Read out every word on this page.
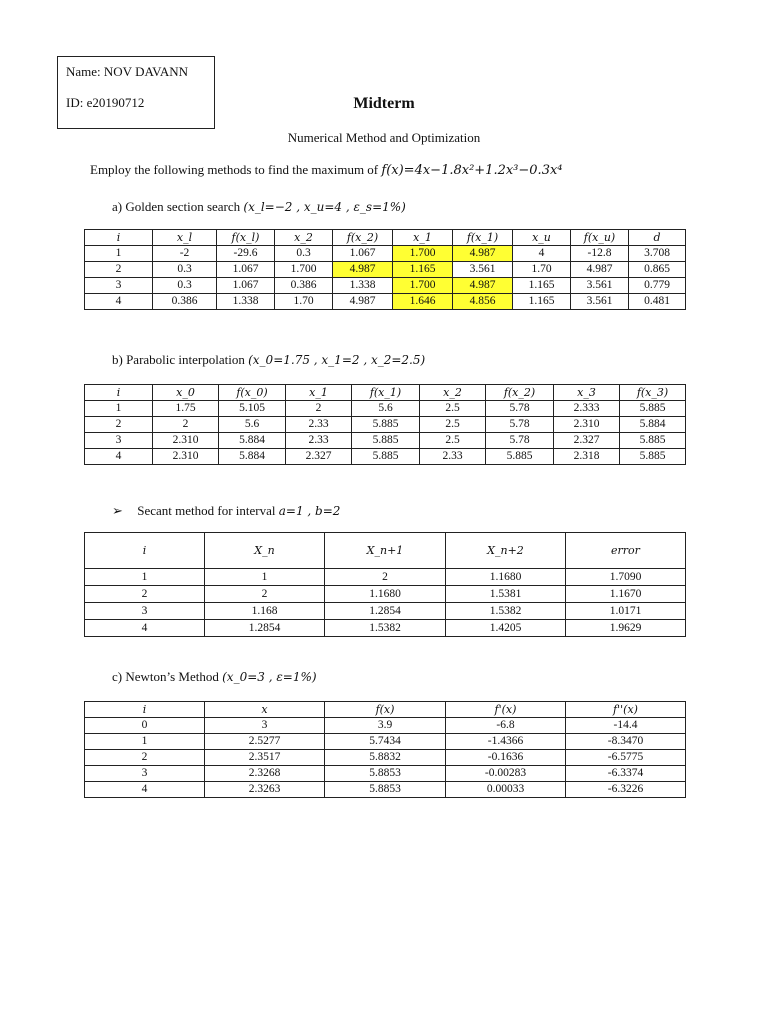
Name: NOV DAVANN
ID: e20190712	Midterm
Numerical Method and Optimization
Employ the following methods to find the maximum of f(x)=4x−1.8x²+1.2x³−0.3x⁴
a) Golden section search (x_l=−2 , x_u=4 , ε_s=1%)
i	x_l	f(x_l)	x_2	f(x_2)	x_1	f(x_1)	x_u	f(x_u)	d
1	-2	-29.6	0.3	1.067	1.700	4.987	4	-12.8	3.708
2	0.3	1.067	1.700	4.987	1.165	3.561	1.70	4.987	0.865
3	0.3	1.067	0.386	1.338	1.700	4.987	1.165	3.561	0.779
4	0.386	1.338	1.70	4.987	1.646	4.856	1.165	3.561	0.481
b) Parabolic interpolation (x_0=1.75 , x_1=2 , x_2=2.5)
i	x_0	f(x_0)	x_1	f(x_1)	x_2	f(x_2)	x_3	f(x_3)
1	1.75	5.105	2	5.6	2.5	5.78	2.333	5.885
2	2	5.6	2.33	5.885	2.5	5.78	2.310	5.884
3	2.310	5.884	2.33	5.885	2.5	5.78	2.327	5.885
4	2.310	5.884	2.327	5.885	2.33	5.885	2.318	5.885
➢ Secant method for interval a=1 , b=2
i	X_n	X_n+1	X_n+2	error
1	1	2	1.1680	1.7090
2	2	1.1680	1.5381	1.1670
3	1.168	1.2854	1.5382	1.0171
4	1.2854	1.5382	1.4205	1.9629
c) Newton’s Method (x_0=3 , ε=1%)
i	x	f(x)	f'(x)	f''(x)
0	3	3.9	-6.8	-14.4
1	2.5277	5.7434	-1.4366	-8.3470
2	2.3517	5.8832	-0.1636	-6.5775
3	2.3268	5.8853	-0.00283	-6.3374
4	2.3263	5.8853	0.00033	-6.3226
